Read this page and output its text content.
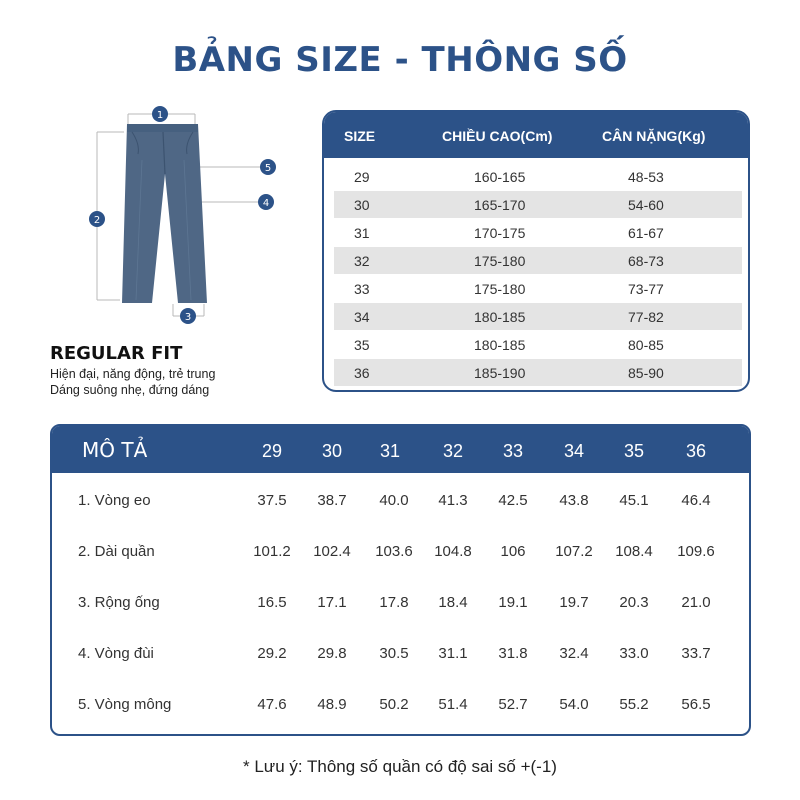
BẢNG SIZE - THÔNG SỐ
1
2
3
4
5
REGULAR FIT
Hiện đại, năng động, trẻ trung
Dáng suông nhẹ, đứng dáng
SIZE	CHIỀU CAO(Cm)	CÂN NẶNG(Kg)
29	160-165	48-53
30	165-170	54-60
31	170-175	61-67
32	175-180	68-73
33	175-180	73-77
34	180-185	77-82
35	180-185	80-85
36	185-190	85-90
MÔ TẢ	29	30	31	32	33	34	35	36
1. Vòng eo	37.5	38.7	40.0	41.3	42.5	43.8	45.1	46.4
2. Dài quần	101.2	102.4	103.6	104.8	106	107.2	108.4	109.6
3. Rộng ống	16.5	17.1	17.8	18.4	19.1	19.7	20.3	21.0
4. Vòng đùi	29.2	29.8	30.5	31.1	31.8	32.4	33.0	33.7
5. Vòng mông	47.6	48.9	50.2	51.4	52.7	54.0	55.2	56.5
* Lưu ý: Thông số quần có độ sai số +(-1)
